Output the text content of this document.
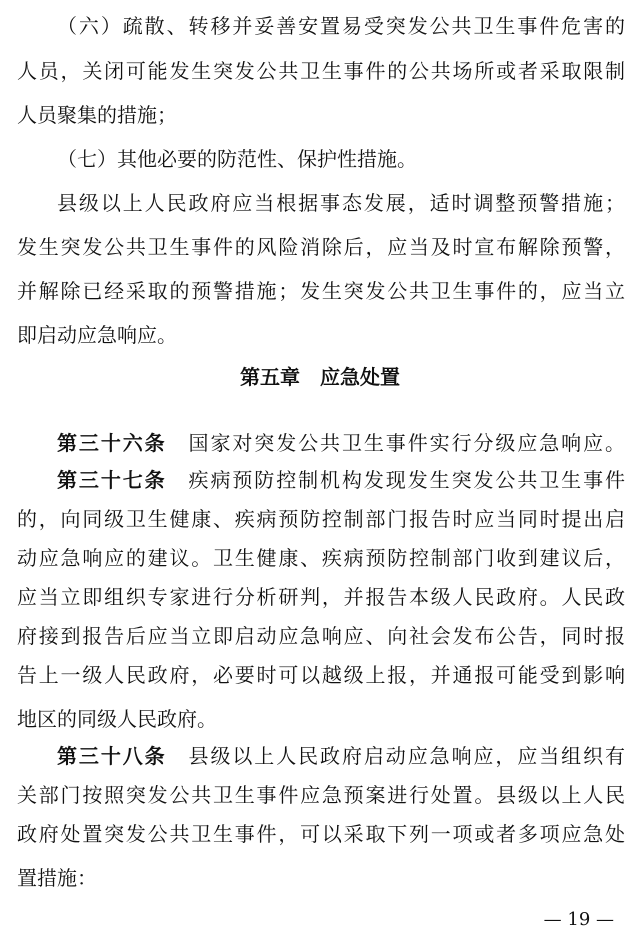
（六）疏散、转移并妥善安置易受突发公共卫生事件危害的
人员，关闭可能发生突发公共卫生事件的公共场所或者采取限制
人员聚集的措施；
（七）其他必要的防范性、保护性措施。
县级以上人民政府应当根据事态发展，适时调整预警措施；
发生突发公共卫生事件的风险消除后，应当及时宣布解除预警，
并解除已经采取的预警措施；发生突发公共卫生事件的，应当立
即启动应急响应。
第五章　应急处置
第三十六条　 国家对突发公共卫生事件实行分级应急响应。
第三十七条　 疾病预防控制机构发现发生突发公共卫生事件
的，向同级卫生健康、疾病预防控制部门报告时应当同时提出启
动应急响应的建议。卫生健康、疾病预防控制部门收到建议后，
应当立即组织专家进行分析研判，并报告本级人民政府。人民政
府接到报告后应当立即启动应急响应、向社会发布公告，同时报
告上一级人民政府，必要时可以越级上报，并通报可能受到影响
地区的同级人民政府。
第三十八条　 县级以上人民政府启动应急响应，应当组织有
关部门按照突发公共卫生事件应急预案进行处置。县级以上人民
政府处置突发公共卫生事件，可以采取下列一项或者多项应急处
置措施：
— 19 —
